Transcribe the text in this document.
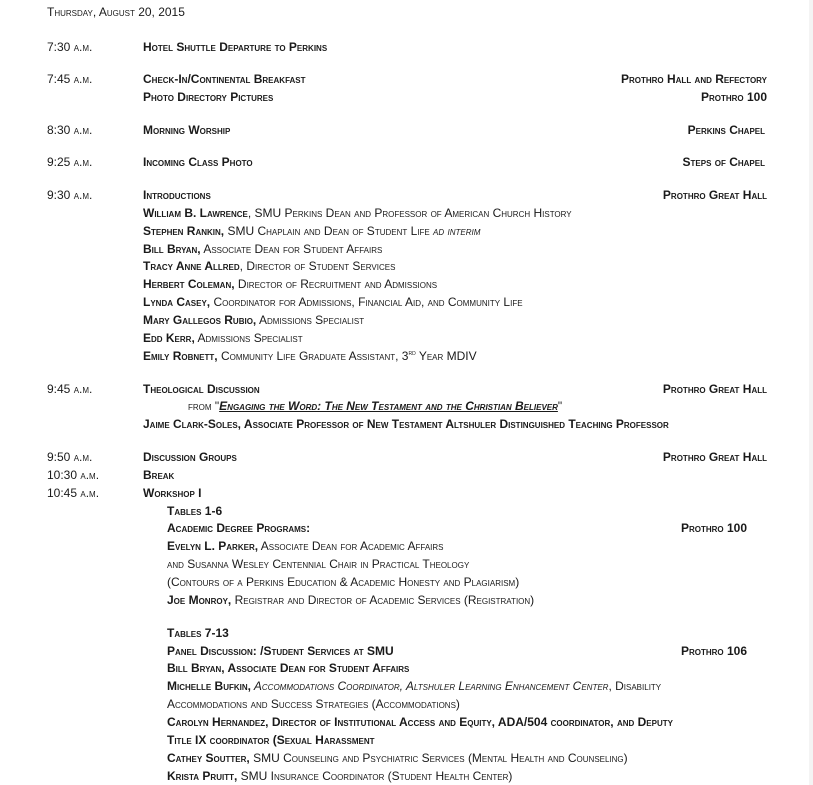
Thursday, August 20, 2015
7:30 a.m.	Hotel Shuttle Departure to Perkins
7:45 a.m.	Check-In/Continental Breakfast	Prothro Hall and Refectory
Photo Directory Pictures	Prothro 100
8:30 a.m.	Morning Worship	Perkins Chapel
9:25 a.m.	Incoming Class Photo	Steps of Chapel
9:30 a.m.	Introductions	Prothro Great Hall
William B. Lawrence, SMU Perkins Dean and Professor of American Church History
Stephen Rankin, SMU Chaplain and Dean of Student Life ad interim
Bill Bryan, Associate Dean for Student Affairs
Tracy Anne Allred, Director of Student Services
Herbert Coleman, Director of Recruitment and Admissions
Lynda Casey, Coordinator for Admissions, Financial Aid, and Community Life
Mary Gallegos Rubio, Admissions Specialist
Edd Kerr, Admissions Specialist
Emily Robnett, Community Life Graduate Assistant, 3rd Year MDIV
9:45 a.m.	Theological Discussion	Prothro Great Hall
from "Engaging the Word: The New Testament and the Christian Believer"
Jaime Clark-Soles, Associate Professor of New Testament Altshuler Distinguished Teaching Professor
9:50 a.m.	Discussion Groups	Prothro Great Hall
10:30 a.m.	Break
10:45 a.m.	Workshop I
Tables 1-6
Academic Degree Programs:	Prothro 100
Evelyn L. Parker, Associate Dean for Academic Affairs
and Susanna Wesley Centennial Chair in Practical Theology
(Contours of a Perkins Education & Academic Honesty and Plagiarism)
Joe Monroy, Registrar and Director of Academic Services (Registration)
Tables 7-13
Panel Discussion: /Student Services at SMU	Prothro 106
Bill Bryan, Associate Dean for Student Affairs
Michelle Bufkin, Accommodations Coordinator, Altshuler Learning Enhancement Center, Disability
Accommodations and Success Strategies (Accommodations)
Carolyn Hernandez, Director of Institutional Access and Equity, ADA/504 coordinator, and Deputy
Title IX coordinator (Sexual Harassment
Cathey Soutter, SMU Counseling and Psychiatric Services (Mental Health and Counseling)
Krista Pruitt, SMU Insurance Coordinator (Student Health Center)
